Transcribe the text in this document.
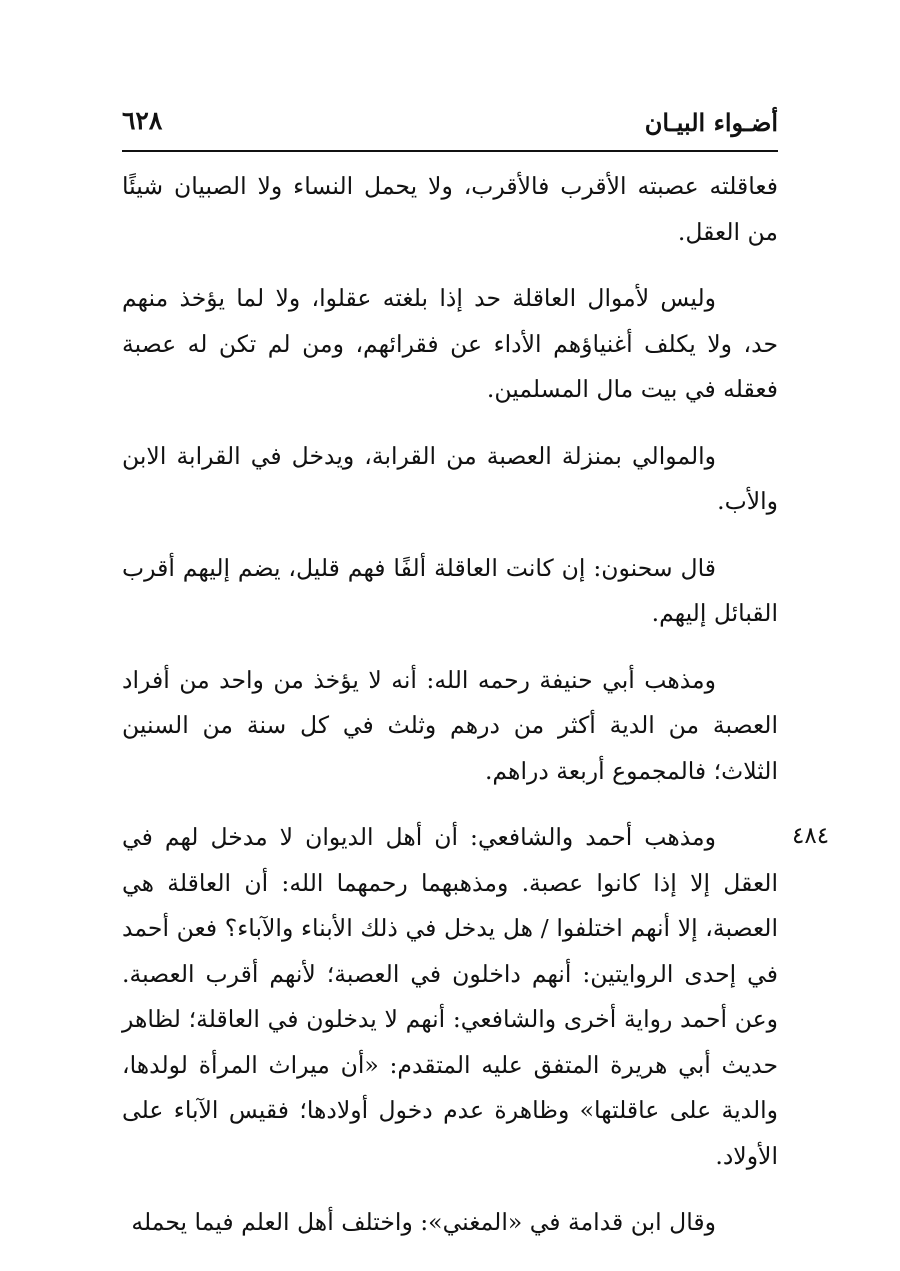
٦٢٨	أضـواء البيـان

فعاقلته عصبته الأقرب فالأقرب، ولا يحمل النساء ولا الصبيان شيئًا من العقل.

وليس لأموال العاقلة حد إذا بلغته عقلوا، ولا لما يؤخذ منهم حد، ولا يكلف أغنياؤهم الأداء عن فقرائهم، ومن لم تكن له عصبة فعقله في بيت مال المسلمين.

والموالي بمنزلة العصبة من القرابة، ويدخل في القرابة الابن والأب.

قال سحنون: إن كانت العاقلة ألفًا فهم قليل، يضم إليهم أقرب القبائل إليهم.

ومذهب أبي حنيفة رحمه الله: أنه لا يؤخذ من واحد من أفراد العصبة من الدية أكثر من درهم وثلث في كل سنة من السنين الثلاث؛ فالمجموع أربعة دراهم.

ومذهب أحمد والشافعي: أن أهل الديوان لا مدخل لهم في العقل إلا إذا كانوا عصبة. ومذهبهما رحمهما الله: أن العاقلة هي العصبة، إلا أنهم اختلفوا / هل يدخل في ذلك الأبناء والآباء؟ فعن أحمد في إحدى الروايتين: أنهم داخلون في العصبة؛ لأنهم أقرب العصبة. وعن أحمد رواية أخرى والشافعي: أنهم لا يدخلون في العاقلة؛ لظاهر حديث أبي هريرة المتفق عليه المتقدم: «أن ميراث المرأة لولدها، والدية على عاقلتها» وظاهرة عدم دخول أولادها؛ فقيس الآباء على الأولاد.

وقال ابن قدامة في «المغني»: واختلف أهل العلم فيما يحمله

٤٨٤
